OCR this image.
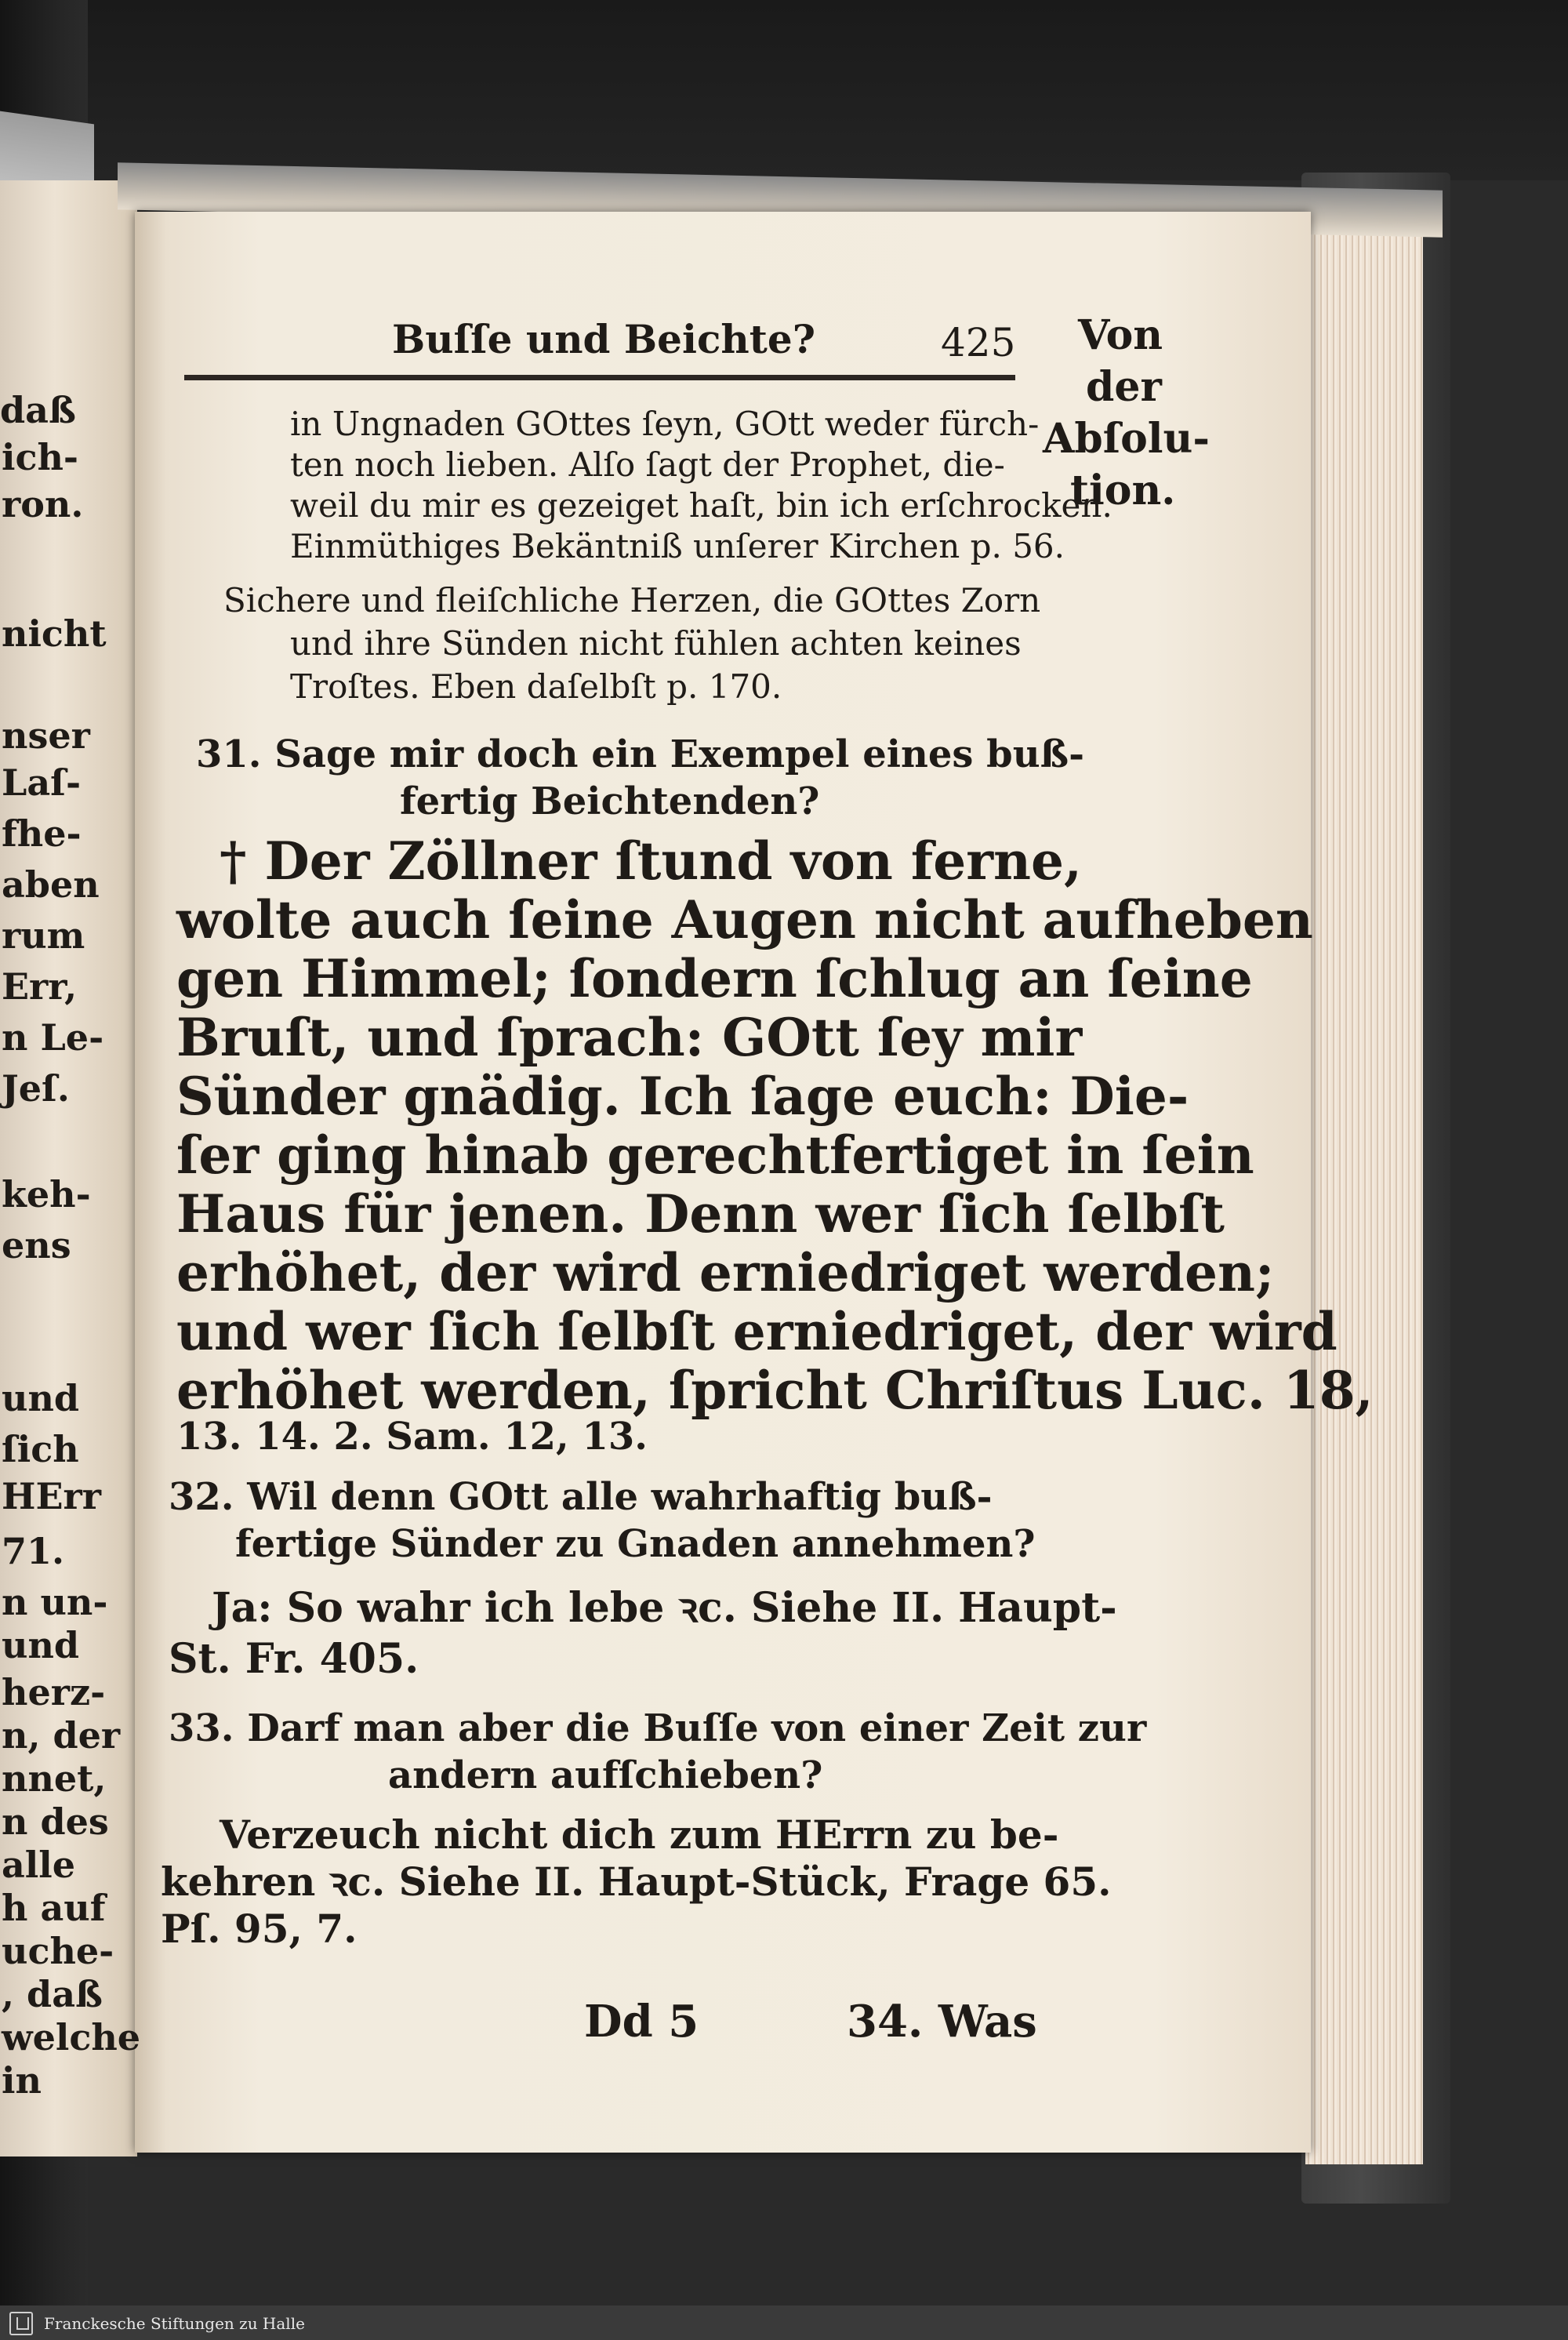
daß
ich-
ron.
nicht
nser
Laſ-
fhe-
aben
rum
Err,
n Le-
Jeſ.
keh-
ens
und
ſich
HErr
71.
n un-
und
herz-
n, der
nnet,
n des
alle
h auf
uche-
, daß
welche
in
Buſſe und Beichte?	425 Von
der
Abſolu-
tion.
in Ungnaden GOttes ſeyn, GOtt weder fürch-
ten noch lieben. Alſo ſagt der Prophet, die-
weil du mir es gezeiget haſt, bin ich erſchrocken.
Einmüthiges Bekäntniß unſerer Kirchen p. 56.
Sichere und fleiſchliche Herzen, die GOttes Zorn
und ihre Sünden nicht fühlen achten keines
Troſtes. Eben daſelbſt p. 170.
31. Sage mir doch ein Exempel eines buß-
fertig Beichtenden?
† Der Zöllner ſtund von ferne,
wolte auch ſeine Augen nicht aufheben
gen Himmel; ſondern ſchlug an ſeine
Bruſt, und ſprach: GOtt ſey mir
Sünder gnädig. Ich ſage euch: Die-
ſer ging hinab gerechtfertiget in ſein
Haus für jenen. Denn wer ſich ſelbſt
erhöhet, der wird erniedriget werden;
und wer ſich ſelbſt erniedriget, der wird
erhöhet werden, ſpricht Chriſtus Luc. 18,
13. 14. 2. Sam. 12, 13.
32. Wil denn GOtt alle wahrhaftig buß-
fertige Sünder zu Gnaden annehmen?
Ja: So wahr ich lebe ꝛc. Siehe II. Haupt-
St. Fr. 405.
33. Darf man aber die Buſſe von einer Zeit zur
andern aufſchieben?
Verzeuch nicht dich zum HErrn zu be-
kehren ꝛc. Siehe II. Haupt-Stück, Frage 65.
Pſ. 95, 7.
Dd 5	34. Was
Franckesche Stiftungen zu Halle
